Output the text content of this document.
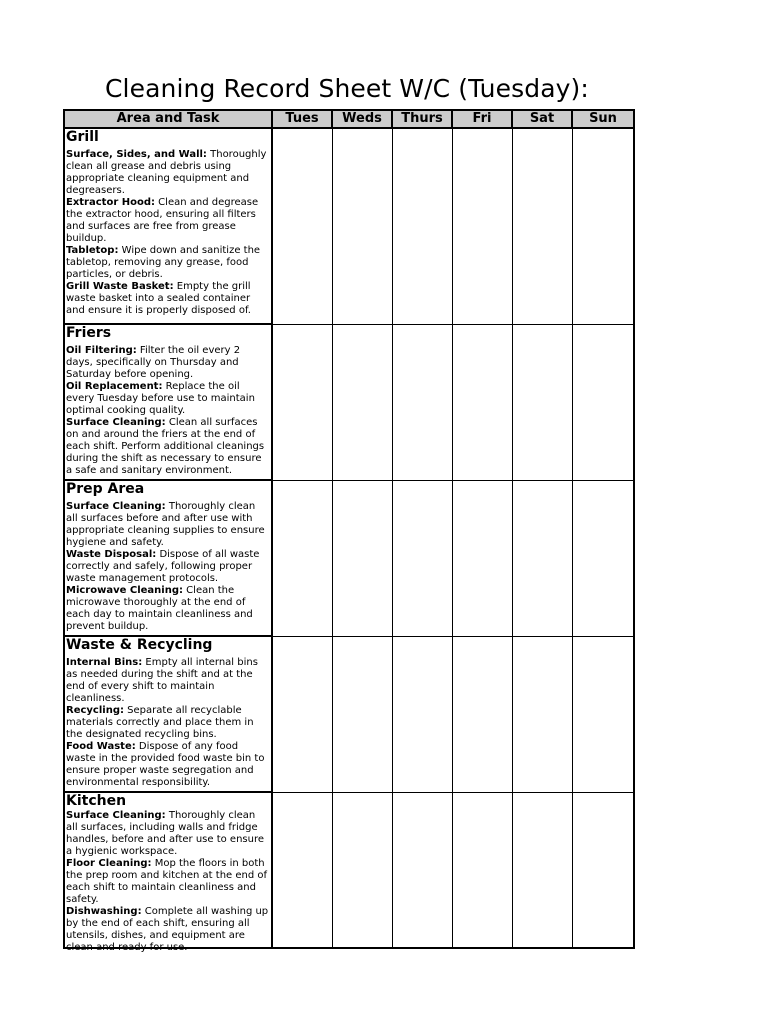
Cleaning Record Sheet W/C (Tuesday):
Area and Task	Tues	Weds	Thurs	Fri	Sat	Sun

Grill
Surface, Sides, and Wall: Thoroughly clean all grease and debris using appropriate cleaning equipment and degreasers.
Extractor Hood: Clean and degrease the extractor hood, ensuring all filters and surfaces are free from grease buildup.
Tabletop: Wipe down and sanitize the tabletop, removing any grease, food particles, or debris.
Grill Waste Basket: Empty the grill waste basket into a sealed container and ensure it is properly disposed of.						

Friers
Oil Filtering: Filter the oil every 2 days, specifically on Thursday and Saturday before opening.
Oil Replacement: Replace the oil every Tuesday before use to maintain optimal cooking quality.
Surface Cleaning: Clean all surfaces on and around the friers at the end of each shift. Perform additional cleanings during the shift as necessary to ensure a safe and sanitary environment.						

Prep Area
Surface Cleaning: Thoroughly clean all surfaces before and after use with appropriate cleaning supplies to ensure hygiene and safety.
Waste Disposal: Dispose of all waste correctly and safely, following proper waste management protocols.
Microwave Cleaning: Clean the microwave thoroughly at the end of each day to maintain cleanliness and prevent buildup.						

Waste & Recycling
Internal Bins: Empty all internal bins as needed during the shift and at the end of every shift to maintain cleanliness.
Recycling: Separate all recyclable materials correctly and place them in the designated recycling bins.
Food Waste: Dispose of any food waste in the provided food waste bin to ensure proper waste segregation and environmental responsibility.						

Kitchen
Surface Cleaning: Thoroughly clean all surfaces, including walls and fridge handles, before and after use to ensure a hygienic workspace.
Floor Cleaning: Mop the floors in both the prep room and kitchen at the end of each shift to maintain cleanliness and safety.
Dishwashing: Complete all washing up by the end of each shift, ensuring all utensils, dishes, and equipment are clean and ready for use.						
